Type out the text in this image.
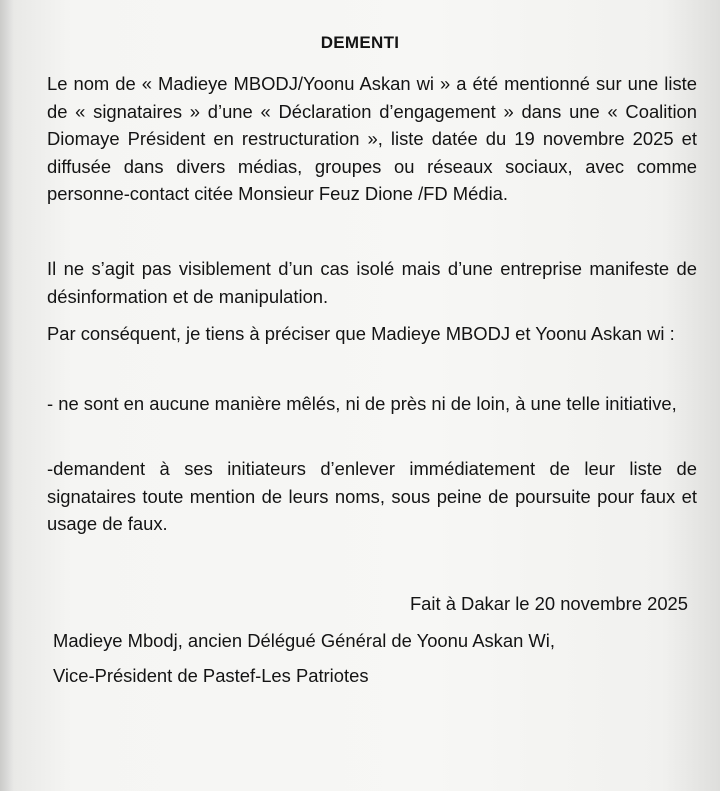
DEMENTI

Le nom de « Madieye MBODJ/Yoonu Askan wi » a été mentionné sur une liste de « signataires » d’une « Déclaration d’engagement » dans une « Coalition Diomaye Président en restructuration », liste datée du 19 novembre 2025 et diffusée dans divers médias, groupes ou réseaux sociaux, avec comme personne-contact citée Monsieur Feuz Dione /FD Média.

Il ne s’agit pas visiblement d’un cas isolé mais d’une entreprise manifeste de désinformation et de manipulation.

Par conséquent, je tiens à préciser que Madieye MBODJ et Yoonu Askan wi :

- ne sont en aucune manière mêlés, ni de près ni de loin, à une telle initiative,

-demandent à ses initiateurs d’enlever immédiatement de leur liste de signataires toute mention de leurs noms, sous peine de poursuite pour faux et usage de faux.

Fait à Dakar le 20 novembre 2025
Madieye Mbodj, ancien Délégué Général de Yoonu Askan Wi,
Vice-Président de Pastef-Les Patriotes
